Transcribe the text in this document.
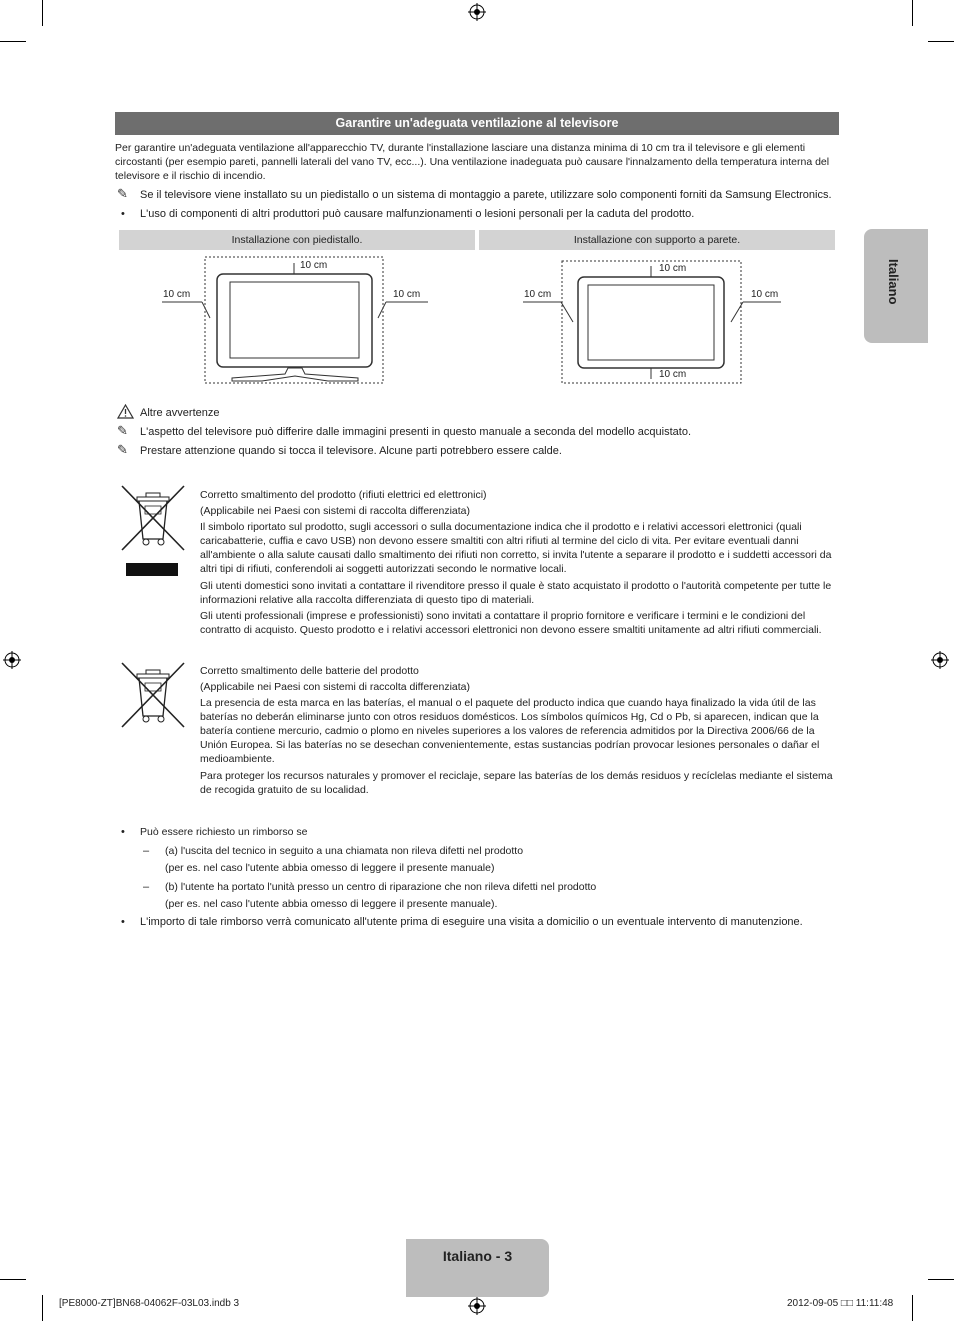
Italiano
Garantire un'adeguata ventilazione al televisore
Per garantire un'adeguata ventilazione all'apparecchio TV, durante l'installazione lasciare una distanza minima di 10 cm tra il televisore e gli elementi circostanti (per esempio pareti, pannelli laterali del vano TV, ecc...). Una ventilazione inadeguata può causare l'innalzamento della temperatura interna del televisore e il rischio di incendio.
✎ Se il televisore viene installato su un piedistallo o un sistema di montaggio a parete, utilizzare solo componenti forniti da Samsung Electronics.
• L'uso di componenti di altri produttori può causare malfunzionamenti o lesioni personali per la caduta del prodotto.
Installazione con piedistallo.	Installazione con supporto a parete.
10 cm
10 cm	10 cm
10 cm
10 cm	10 cm
10 cm
Altre avvertenze
✎ L'aspetto del televisore può differire dalle immagini presenti in questo manuale a seconda del modello acquistato.
✎ Prestare attenzione quando si tocca il televisore. Alcune parti potrebbero essere calde.
Corretto smaltimento del prodotto (rifiuti elettrici ed elettronici)
(Applicabile nei Paesi con sistemi di raccolta differenziata)
Il simbolo riportato sul prodotto, sugli accessori o sulla documentazione indica che il prodotto e i relativi accessori elettronici (quali caricabatterie, cuffia e cavo USB) non devono essere smaltiti con altri rifiuti al termine del ciclo di vita. Per evitare eventuali danni all'ambiente o alla salute causati dallo smaltimento dei rifiuti non corretto, si invita l'utente a separare il prodotto e i suddetti accessori da altri tipi di rifiuti, conferendoli ai soggetti autorizzati secondo le normative locali.
Gli utenti domestici sono invitati a contattare il rivenditore presso il quale è stato acquistato il prodotto o l'autorità competente per tutte le informazioni relative alla raccolta differenziata di questo tipo di materiali.
Gli utenti professionali (imprese e professionisti) sono invitati a contattare il proprio fornitore e verificare i termini e le condizioni del contratto di acquisto. Questo prodotto e i relativi accessori elettronici non devono essere smaltiti unitamente ad altri rifiuti commerciali.
Corretto smaltimento delle batterie del prodotto
(Applicabile nei Paesi con sistemi di raccolta differenziata)
La presencia de esta marca en las baterías, el manual o el paquete del producto indica que cuando haya finalizado la vida útil de las baterías no deberán eliminarse junto con otros residuos domésticos. Los símbolos químicos Hg, Cd o Pb, si aparecen, indican que la batería contiene mercurio, cadmio o plomo en niveles superiores a los valores de referencia admitidos por la Directiva 2006/66 de la Unión Europea. Si las baterías no se desechan convenientemente, estas sustancias podrían provocar lesiones personales o dañar el medioambiente.
Para proteger los recursos naturales y promover el reciclaje, separe las baterías de los demás residuos y recíclelas mediante el sistema de recogida gratuito de su localidad.
• Può essere richiesto un rimborso se
– (a) l'uscita del tecnico in seguito a una chiamata non rileva difetti nel prodotto
(per es. nel caso l'utente abbia omesso di leggere il presente manuale)
– (b) l'utente ha portato l'unità presso un centro di riparazione che non rileva difetti nel prodotto
(per es. nel caso l'utente abbia omesso di leggere il presente manuale).
• L'importo di tale rimborso verrà comunicato all'utente prima di eseguire una visita a domicilio o un eventuale intervento di manutenzione.
Italiano - 3
[PE8000-ZT]BN68-04062F-03L03.indb 3	2012-09-05 □□ 11:11:48
